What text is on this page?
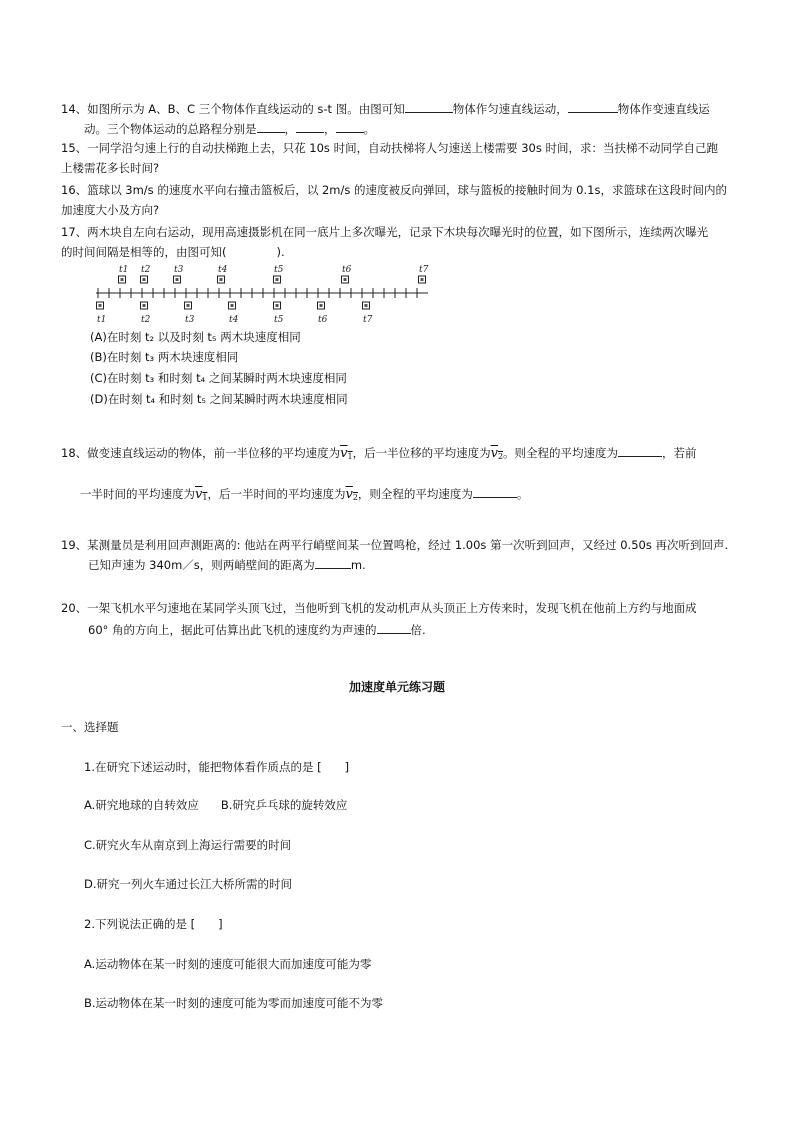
14、如图所示为 A、B、C 三个物体作直线运动的 s-t 图。由图可知	物体作匀速直线运动，	物体作变速直线运
动。三个物体运动的总路程分别是 ， ， 。
15、一同学沿匀速上行的自动扶梯跑上去，只花 10s 时间，自动扶梯将人匀速送上楼需要 30s 时间，求：当扶梯不动同学自己跑
上楼需花多长时间?
16、篮球以 3m/s 的速度水平向右撞击篮板后，以 2m/s 的速度被反向弹回，球与篮板的接触时间为 0.1s，求篮球在这段时间内的
加速度大小及方向?
17、两木块自左向右运动，现用高速摄影机在同一底片上多次曝光，记录下木块每次曝光时的位置，如下图所示，连续两次曝光
的时间间隔是相等的，由图可知(	).
t1 t2	t3	t4	t5	t6	t7
t1	t2	t3	t4	t5	t6	t7
(A)在时刻 t₂ 以及时刻 t₅ 两木块速度相同
(B)在时刻 t₃ 两木块速度相同
(C)在时刻 t₃ 和时刻 t₄ 之间某瞬时两木块速度相同
(D)在时刻 t₄ 和时刻 t₅ 之间某瞬时两木块速度相同
18、做变速直线运动的物体，前一半位移的平均速度为$v_1$，后一半位移的平均速度为$v_2$。则全程的平均速度为	，若前
一半时间的平均速度为$v_1$，后一半时间的平均速度为$v_2$，则全程的平均速度为	。
19、某测量员是利用回声测距离的: 他站在两平行峭壁间某一位置鸣枪，经过 1.00s 第一次听到回声，又经过 0.50s 再次听到回声.
已知声速为 340m／s，则两峭壁间的距离为	m.
20、一架飞机水平匀速地在某同学头顶飞过，当他听到飞机的发动机声从头顶正上方传来时，发现飞机在他前上方约与地面成
60° 角的方向上，据此可估算出此飞机的速度约为声速的	倍.
加速度单元练习题
一、选择题
1.在研究下述运动时，能把物体看作质点的是 [　　]
A.研究地球的自转效应 B.研究乒乓球的旋转效应
C.研究火车从南京到上海运行需要的时间
D.研究一列火车通过长江大桥所需的时间
2.下列说法正确的是 [　　]
A.运动物体在某一时刻的速度可能很大而加速度可能为零
B.运动物体在某一时刻的速度可能为零而加速度可能不为零
